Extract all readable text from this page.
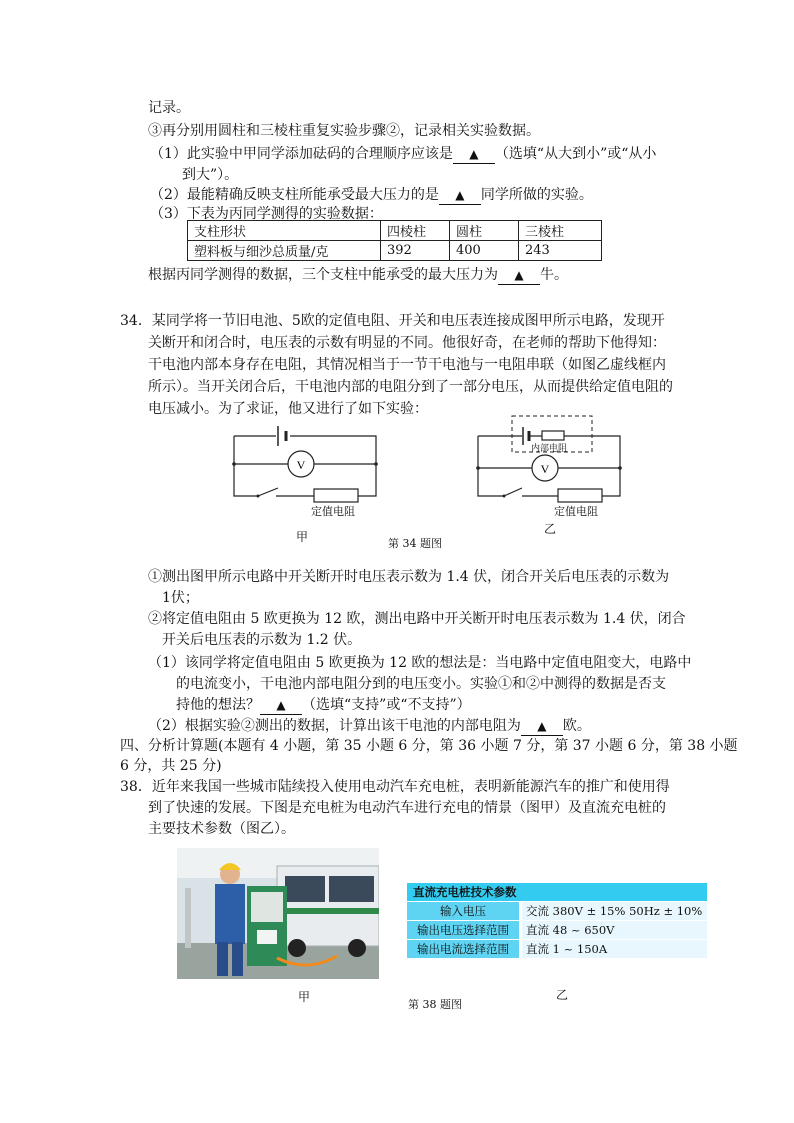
记录。
③再分别用圆柱和三棱柱重复实验步骤②，记录相关实验数据。
（1）此实验中甲同学添加砝码的合理顺序应该是 ▲ （选填“从大到小”或“从小
到大”）。
（2）最能精确反映支柱所能承受最大压力的是 ▲ 同学所做的实验。
（3）下表为丙同学测得的实验数据：
支柱形状	四棱柱	圆柱	三棱柱
塑料板与细沙总质量/克	392	400	243
根据丙同学测得的数据，三个支柱中能承受的最大压力为 ▲ 牛。
34．某同学将一节旧电池、5欧的定值电阻、开关和电压表连接成图甲所示电路，发现开
关断开和闭合时，电压表的示数有明显的不同。他很好奇，在老师的帮助下他得知：
干电池内部本身存在电阻，其情况相当于一节干电池与一电阻串联（如图乙虚线框内
所示）。当开关闭合后，干电池内部的电阻分到了一部分电压，从而提供给定值电阻的
电压减小。为了求证，他又进行了如下实验：
V
定值电阻
甲
V
内部电阻
定值电阻
乙
第 34 题图
①测出图甲所示电路中开关断开时电压表示数为 1.4 伏，闭合开关后电压表的示数为
1伏；
②将定值电阻由 5 欧更换为 12 欧，测出电路中开关断开时电压表示数为 1.4 伏，闭合
开关后电压表的示数为 1.2 伏。
（1）该同学将定值电阻由 5 欧更换为 12 欧的想法是：当电路中定值电阻变大，电路中
的电流变小，干电池内部电阻分到的电压变小。实验①和②中测得的数据是否支
持他的想法？ ▲ （选填“支持”或“不支持”）
（2）根据实验②测出的数据，计算出该干电池的内部电阻为 ▲ 欧。
四、分析计算题(本题有 4 小题，第 35 小题 6 分，第 36 小题 7 分，第 37 小题 6 分，第 38 小题
6 分，共 25 分)
38．近年来我国一些城市陆续投入使用电动汽车充电桩，表明新能源汽车的推广和使用得
到了快速的发展。下图是充电桩为电动汽车进行充电的情景（图甲）及直流充电桩的
主要技术参数（图乙）。
甲
直流充电桩技术参数
输入电压	交流 380V ± 15% 50Hz ± 10%
输出电压选择范围	直流 48 ~ 650V
输出电流选择范围	直流 1 ~ 150A
乙
第 38 题图
